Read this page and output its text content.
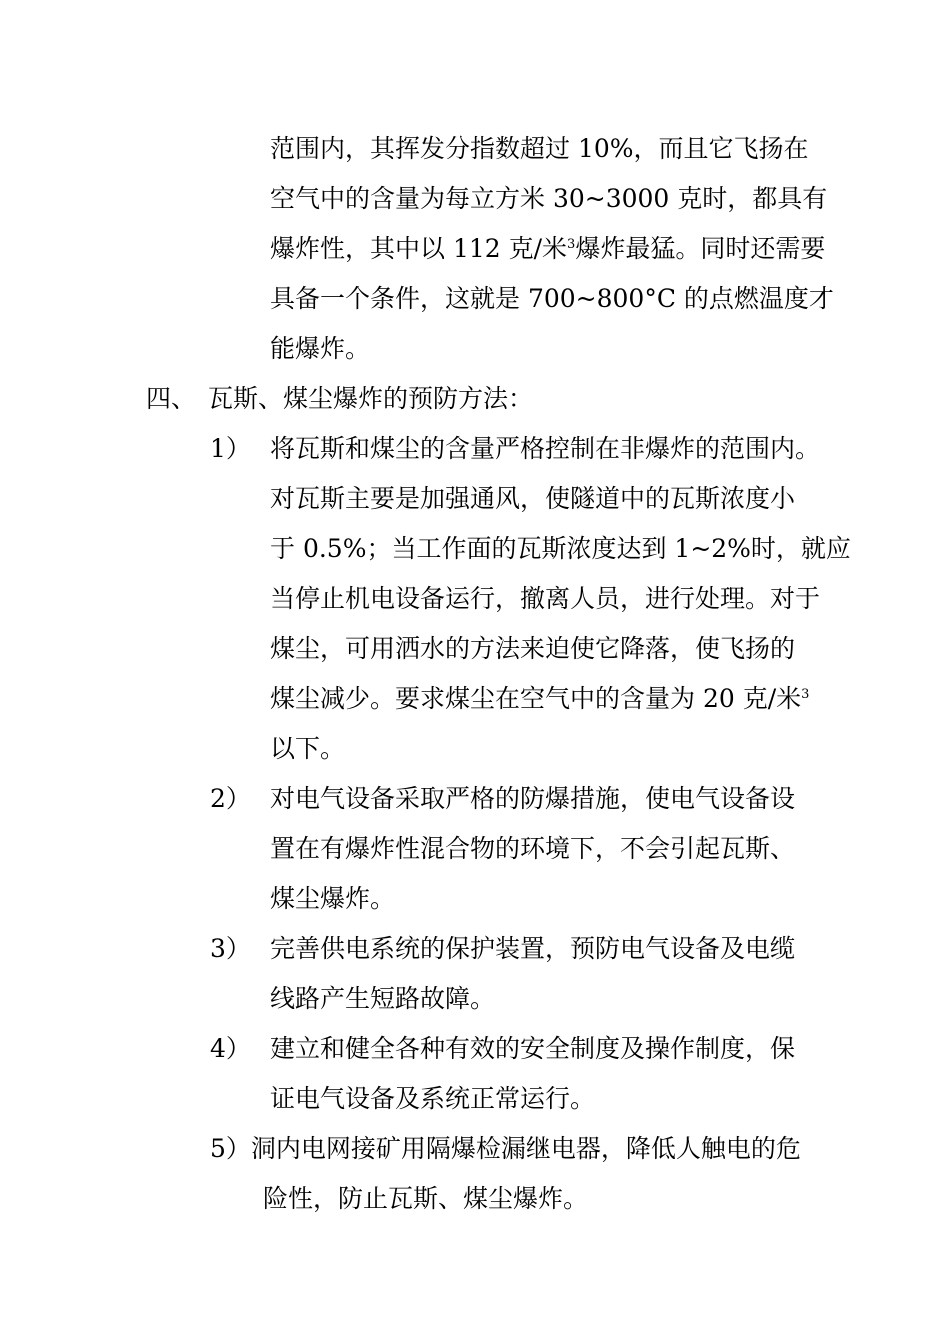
范围内，其挥发分指数超过 10%，而且它飞扬在
空气中的含量为每立方米 30~3000 克时，都具有
爆炸性，其中以 112 克/米$^3$爆炸最猛。同时还需要
具备一个条件，这就是 700~800°C 的点燃温度才
能爆炸。
四、 瓦斯、煤尘爆炸的预防方法：
1） 将瓦斯和煤尘的含量严格控制在非爆炸的范围内。
对瓦斯主要是加强通风，使隧道中的瓦斯浓度小
于 0.5%；当工作面的瓦斯浓度达到 1~2%时，就应
当停止机电设备运行，撤离人员，进行处理。对于
煤尘，可用洒水的方法来迫使它降落，使飞扬的
煤尘减少。要求煤尘在空气中的含量为 20 克/米$^3$
以下。
2） 对电气设备采取严格的防爆措施，使电气设备设
置在有爆炸性混合物的环境下，不会引起瓦斯、
煤尘爆炸。
3） 完善供电系统的保护装置，预防电气设备及电缆
线路产生短路故障。
4） 建立和健全各种有效的安全制度及操作制度，保
证电气设备及系统正常运行。
5）洞内电网接矿用隔爆检漏继电器，降低人触电的危
险性，防止瓦斯、煤尘爆炸。
